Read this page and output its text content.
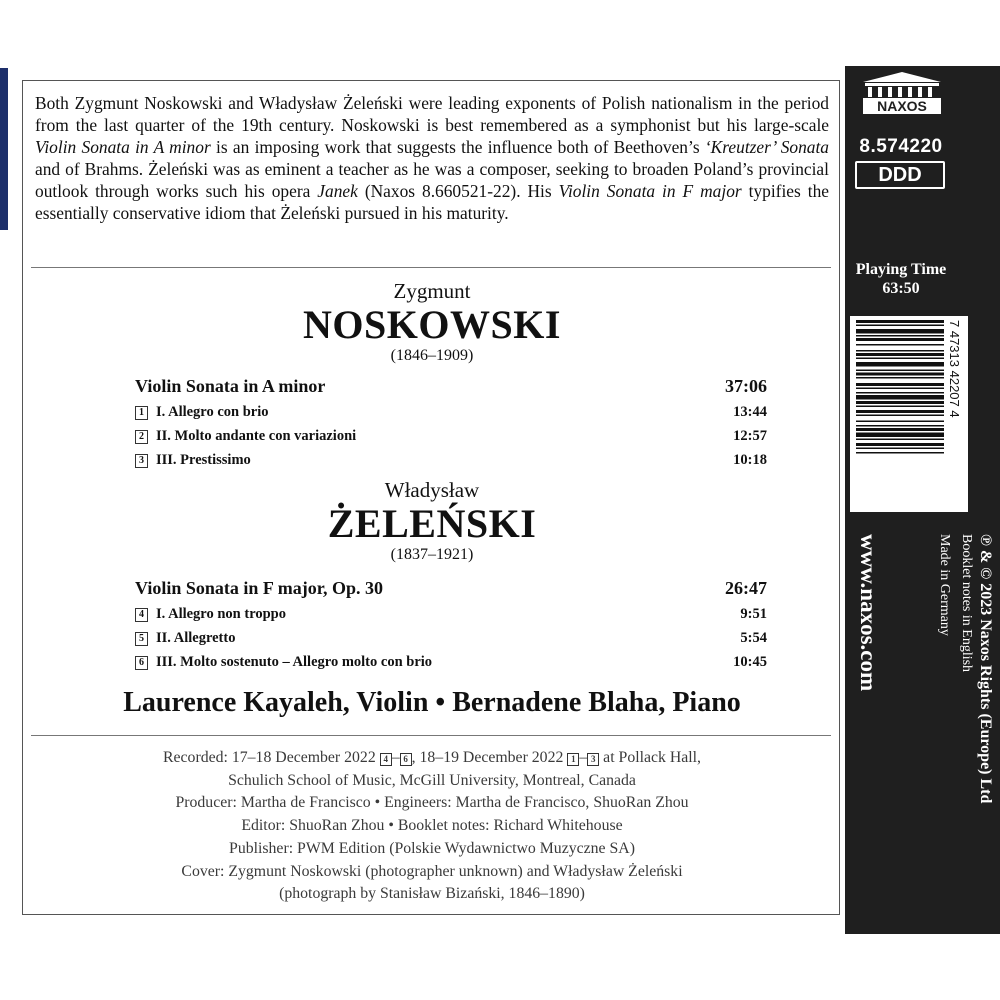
Both Zygmunt Noskowski and Władysław Żeleński were leading exponents of Polish nationalism in the period from the last quarter of the 19th century. Noskowski is best remembered as a symphonist but his large-scale Violin Sonata in A minor is an imposing work that suggests the influence both of Beethoven’s ‘Kreutzer’ Sonata and of Brahms. Żeleński was as eminent a teacher as he was a composer, seeking to broaden Poland’s provincial outlook through works such his opera Janek (Naxos 8.660521-22). His Violin Sonata in F major typifies the essentially conservative idiom that Żeleński pursued in his maturity.

Zygmunt
NOSKOWSKI
(1846–1909)
Violin Sonata in A minor	37:06
1 I. Allegro con brio	13:44
2 II. Molto andante con variazioni	12:57
3 III. Prestissimo	10:18
Władysław
ŻELEŃSKI
(1837–1921)
Violin Sonata in F major, Op. 30	26:47
4 I. Allegro non troppo	9:51
5 II. Allegretto	5:54
6 III. Molto sostenuto – Allegro molto con brio	10:45
Laurence Kayaleh, Violin • Bernadene Blaha, Piano
Recorded: 17–18 December 2022 4 – 6 , 18–19 December 2022 1 – 3 at Pollack Hall,
Schulich School of Music, McGill University, Montreal, Canada
Producer: Martha de Francisco • Engineers: Martha de Francisco, ShuoRan Zhou
Editor: ShuoRan Zhou • Booklet notes: Richard Whitehouse
Publisher: PWM Edition (Polskie Wydawnictwo Muzyczne SA)
Cover: Zygmunt Noskowski (photographer unknown) and Władysław Żeleński
(photograph by Stanisław Bizański, 1846–1890)
NAXOS
8.574220
DDD
Playing Time
63:50
7 47313 42207 4
℗ & © 2023 Naxos Rights (Europe) Ltd
Booklet notes in English
Made in Germany
www.naxos.com
